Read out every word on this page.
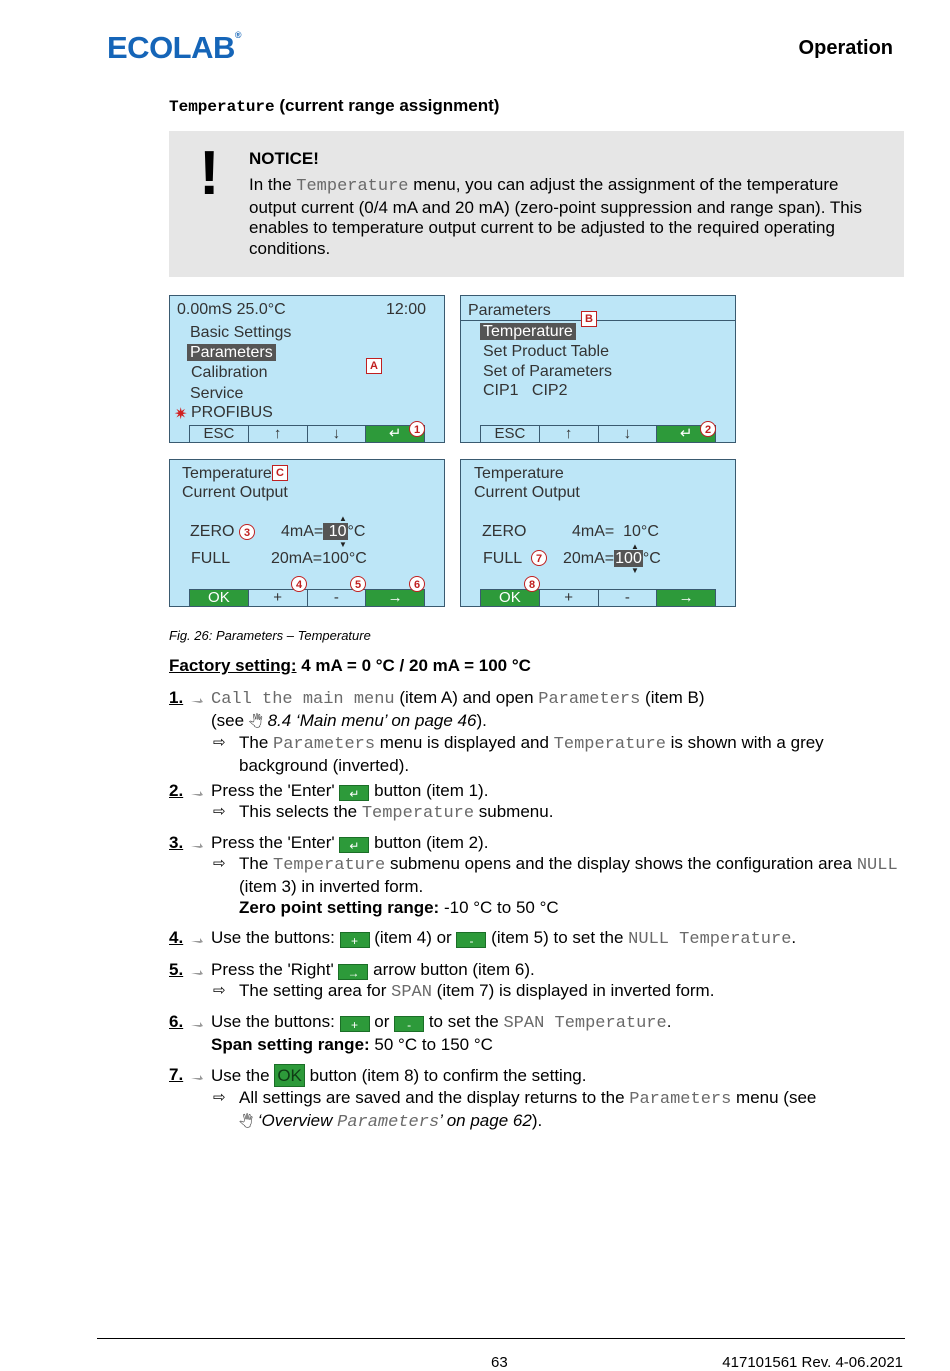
ECOLAB®
Operation
Temperature (current range assignment)
! NOTICE!
In the Temperature menu, you can adjust the assignment of the temperature output current (0/4 mA and 20 mA) (zero-point suppression and range span). This enables to temperature output current to be adjusted to the required operating conditions.
0.00mS 25.0°C	12:00
Basic Settings
Parameters
Calibration
Service
✷ PROFIBUS
A
ESC	↑	↓	↵	1
Parameters
Temperature
Set Product Table
Set of Parameters
CIP1   CIP2
B
ESC	↑	↓	↵	2
Temperature C
Current Output
ZERO 3	4mA= 10°C
▲
▼
FULL	20mA=100°C
OK	+	-	→
4	5	6
Temperature
Current Output
ZERO	4mA=  10°C
FULL	7	20mA=100°C
▲
▼
OK	+	-	→
8
Fig. 26: Parameters – Temperature
Factory setting: 4 mA = 0 °C / 20 mA = 100 °C
1. Call the main menu (item A) and open Parameters (item B)
(see 🖑 8.4 ‘Main menu’ on page 46).
⇨ The Parameters menu is displayed and Temperature is shown with a grey background (inverted).
2. Press the 'Enter' ↵ button (item 1).
⇨ This selects the Temperature submenu.
3. Press the 'Enter' ↵ button (item 2).
⇨ The Temperature submenu opens and the display shows the configuration area NULL (item 3) in inverted form.
Zero point setting range: -10 °C to 50 °C
4. Use the buttons: + (item 4) or - (item 5) to set the NULL Temperature.
5. Press the 'Right' → arrow button (item 6).
⇨ The setting area for SPAN (item 7) is displayed in inverted form.
6. Use the buttons: + or - to set the SPAN Temperature.
Span setting range: 50 °C to 150 °C
7. Use the OK button (item 8) to confirm the setting.
⇨ All settings are saved and the display returns to the Parameters menu (see
🖑 ‘Overview Parameters’ on page 62).
63	417101561 Rev. 4-06.2021
